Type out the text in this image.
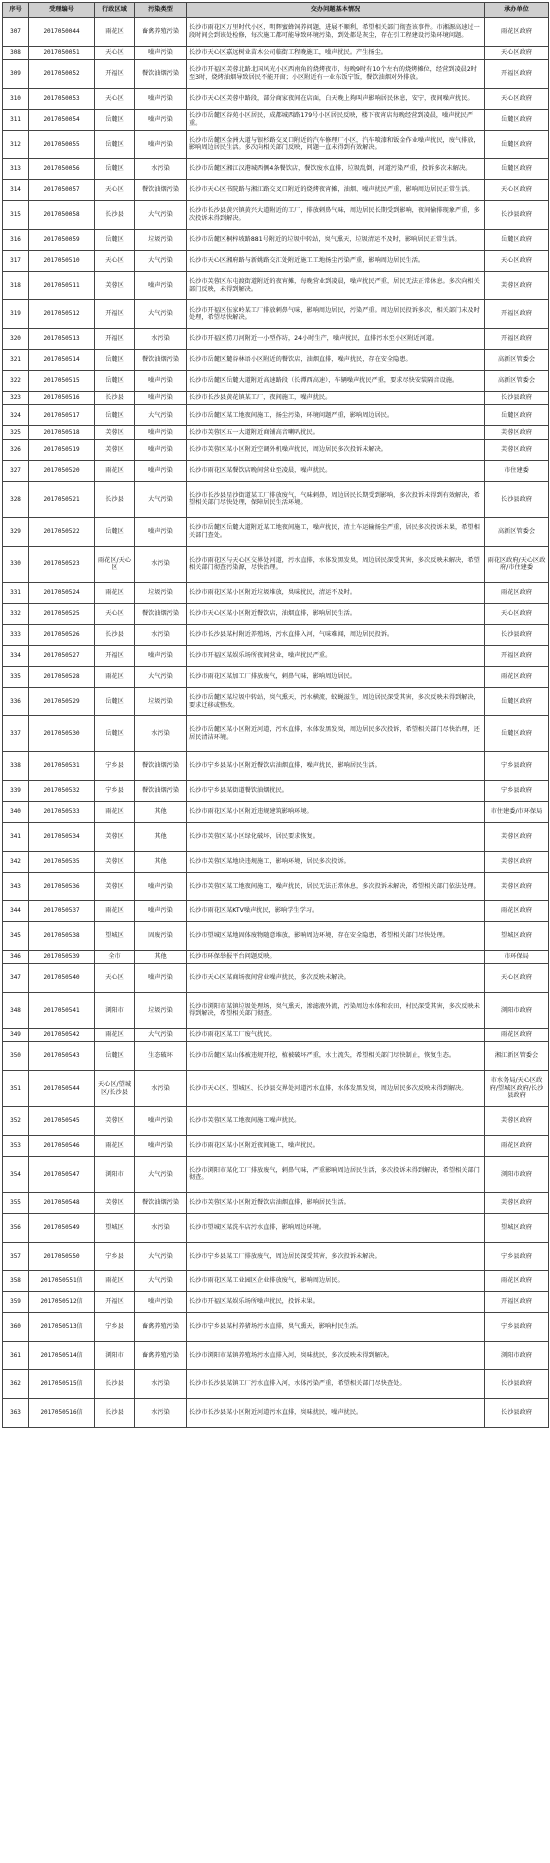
序号	受理编号	行政区域	污染类型	交办问题基本情况	承办单位
307	2017050044	雨花区	畜禽养殖污染	长沙市雨花区万里时代小区，明辉蜜蜂饲养问题，进展不顺利，希望相关部门彻查该事件。市湘源高速过一段时间会到该处检修，每次施工都可能导致环境污染，到处都是灰尘，存在引工程建设污染环境问题。	雨花区政府
308	2017050051	天心区	噪声污染	长沙市天心区嘉远树业苗木公司临街工程晚施工，噪声扰民。产生扬尘。	天心区政府
309	2017050052	开福区	餐饮油烟污染	长沙市开福区芙蓉北路北国风光小区西南角的烧烤夜市，每晚9时有10个左右的烧烤摊位，经营到凌晨2时至3时，烧烤油烟导致居民不能开窗；小区附近有一业东饭宁饭，餐饮油烟对外排放。	开福区政府
310	2017050053	天心区	噪声污染	长沙市天心区芙蓉中路段，部分商家夜间在店面，白天晚上夠叫声影响居民休息，安宁，夜间噪声扰民。	天心区政府
311	2017050054	岳麓区	噪声污染	长沙市岳麓区谷苑小区居民，成都城西路179号小区居民反映，楼下夜宵店每晚经营到凌晨，噪声扰民严重。	岳麓区政府
312	2017050055	岳麓区	噪声污染	长沙市岳麓区金洲大道与银杉路交叉口附近的汽车修理厂小区，汽车喷漆和钣金作业噪声扰民，废气排放，影响周边居民生活。多次向相关部门反映，问题一直未得到有效解决。	岳麓区政府
313	2017050056	岳麓区	水污染	长沙市岳麓区湘江汉港城西侧4条餐饮店，餐饮废水直排，垃圾乱倒，河道污染严重，投诉多次未解决。	岳麓区政府
314	2017050057	天心区	餐饮油烟污染	长沙市天心区书院路与湘江路交叉口附近的烧烤夜宵摊，油烟、噪声扰民严重，影响周边居民正常生活。	天心区政府
315	2017050058	长沙县	大气污染	长沙市长沙县黄兴镇黄兴大道附近的工厂，排放刺鼻气味，周边居民长期受到影响，夜间偷排现象严重，多次投诉未得到解决。	长沙县政府
316	2017050059	岳麓区	垃圾污染	长沙市岳麓区桐梓坡路881号附近的垃圾中转站，臭气熏天，垃圾清运不及时，影响居民正常生活。	岳麓区政府
317	2017050510	天心区	大气污染	长沙市天心区湘府路与新姚路交汇处附近施工工地扬尘污染严重，影响周边居民生活。	天心区政府
318	2017050511	芙蓉区	噪声污染	长沙市芙蓉区东屯渡街道附近的夜宵摊，每晚营业到凌晨，噪声扰民严重，居民无法正常休息。多次向相关部门反映，未得到解决。	芙蓉区政府
319	2017050512	开福区	大气污染	长沙市开福区伍家岭某工厂排放刺鼻气味，影响周边居民，污染严重。周边居民投诉多次，相关部门未及时处理，希望尽快解决。	开福区政府
320	2017050513	开福区	水污染	长沙市开福区捞刀河附近一小型作坊，24小时生产，噪声扰民，直排污水至小区附近河道。	开福区政府
321	2017050514	岳麓区	餐饮油烟污染	长沙市岳麓区麓谷林语小区附近的餐饮店，油烟直排，噪声扰民，存在安全隐患。	高新区管委会
322	2017050515	岳麓区	噪声污染	长沙市岳麓区岳麓大道附近高速路段（长潭西高速），车辆噪声扰民严重，要求尽快安装隔音设施。	高新区管委会
323	2017050516	长沙县	噪声污染	长沙市长沙县黄花镇某工厂，夜间施工，噪声扰民。	长沙县政府
324	2017050517	岳麓区	大气污染	长沙市岳麓区某工地夜间施工，扬尘污染，环境问题严重，影响周边居民。	岳麓区政府
325	2017050518	芙蓉区	噪声污染	长沙市芙蓉区五一大道附近商铺高音喇叭扰民。	芙蓉区政府
326	2017050519	芙蓉区	噪声污染	长沙市芙蓉区某小区附近空调外机噪声扰民，周边居民多次投诉未解决。	芙蓉区政府
327	2017050520	雨花区	噪声污染	长沙市雨花区某餐饮店晚间营业至凌晨，噪声扰民。	市住建委
328	2017050521	长沙县	大气污染	长沙市长沙县星沙街道某工厂排放废气，气味刺鼻，周边居民长期受到影响，多次投诉未得到有效解决，希望相关部门尽快处理，保障居民生活环境。	长沙县政府
329	2017050522	岳麓区	噪声污染	长沙市岳麓区岳麓大道附近某工地夜间施工，噪声扰民，渣土车运输扬尘严重，居民多次投诉未果，希望相关部门查处。	高新区管委会
330	2017050523	雨花区/天心区	水污染	长沙市雨花区与天心区交界处河道，污水直排，水体发黑发臭，周边居民深受其害，多次反映未解决，希望相关部门彻查污染源，尽快治理。	雨花区政府/天心区政府/市住建委
331	2017050524	雨花区	垃圾污染	长沙市雨花区某小区附近垃圾堆放，臭味扰民，清运不及时。	雨花区政府
332	2017050525	天心区	餐饮油烟污染	长沙市天心区某小区附近餐饮店，油烟直排，影响居民生活。	天心区政府
333	2017050526	长沙县	水污染	长沙市长沙县某村附近养殖场，污水直排入河，气味难闻，周边居民投诉。	长沙县政府
334	2017050527	开福区	噪声污染	长沙市开福区某娱乐场所夜间营业，噪声扰民严重。	开福区政府
335	2017050528	雨花区	大气污染	长沙市雨花区某加工厂排放废气，刺鼻气味，影响周边居民。	雨花区政府
336	2017050529	岳麓区	垃圾污染	长沙市岳麓区某垃圾中转站，臭气熏天，污水横流，蚊蝇滋生，周边居民深受其害，多次反映未得到解决，要求迁移或整改。	岳麓区政府
337	2017050530	岳麓区	水污染	长沙市岳麓区某小区附近河道，污水直排，水体发黑发臭，周边居民多次投诉，希望相关部门尽快治理，还居民清洁环境。	岳麓区政府
338	2017050531	宁乡县	餐饮油烟污染	长沙市宁乡县某小区附近餐饮店油烟直排，噪声扰民，影响居民生活。	宁乡县政府
339	2017050532	宁乡县	餐饮油烟污染	长沙市宁乡县某街道餐饮油烟扰民。	宁乡县政府
340	2017050533	雨花区	其他	长沙市雨花区某小区附近违规建筑影响环境。	市住建委/市环保局
341	2017050534	芙蓉区	其他	长沙市芙蓉区某小区绿化破坏，居民要求恢复。	芙蓉区政府
342	2017050535	芙蓉区	其他	长沙市芙蓉区某地块违规施工，影响环境，居民多次投诉。	芙蓉区政府
343	2017050536	芙蓉区	噪声污染	长沙市芙蓉区某工地夜间施工，噪声扰民，居民无法正常休息，多次投诉未解决，希望相关部门依法处理。	芙蓉区政府
344	2017050537	雨花区	噪声污染	长沙市雨花区某KTV噪声扰民，影响学生学习。	雨花区政府
345	2017050538	望城区	固废污染	长沙市望城区某地固体废物随意堆放，影响周边环境，存在安全隐患，希望相关部门尽快处理。	望城区政府
346	2017050539	全市	其他	长沙市环保举报平台问题反映。	市环保局
347	2017050540	天心区	噪声污染	长沙市天心区某商场夜间营业噪声扰民，多次反映未解决。	天心区政府
348	2017050541	浏阳市	垃圾污染	长沙市浏阳市某镇垃圾处理场，臭气熏天，渗滤液外流，污染周边水体和农田，村民深受其害，多次反映未得到解决，希望相关部门彻查。	浏阳市政府
349	2017050542	雨花区	大气污染	长沙市雨花区某工厂废气扰民。	雨花区政府
350	2017050543	岳麓区	生态破坏	长沙市岳麓区某山体被违规开挖，植被破坏严重，水土流失，希望相关部门尽快制止，恢复生态。	湘江新区管委会
351	2017050544	天心区/望城区/长沙县	水污染	长沙市天心区、望城区、长沙县交界处河道污水直排，水体发黑发臭，周边居民多次反映未得到解决。	市水务局/天心区政府/望城区政府/长沙县政府
352	2017050545	芙蓉区	噪声污染	长沙市芙蓉区某工地夜间施工噪声扰民。	芙蓉区政府
353	2017050546	雨花区	噪声污染	长沙市雨花区某小区附近夜间施工，噪声扰民。	雨花区政府
354	2017050547	浏阳市	大气污染	长沙市浏阳市某化工厂排放废气，刺鼻气味，严重影响周边居民生活，多次投诉未得到解决，希望相关部门彻查。	浏阳市政府
355	2017050548	芙蓉区	餐饮油烟污染	长沙市芙蓉区某小区附近餐饮店油烟直排，影响居民生活。	芙蓉区政府
356	2017050549	望城区	水污染	长沙市望城区某洗车店污水直排，影响周边环境。	望城区政府
357	2017050550	宁乡县	大气污染	长沙市宁乡县某工厂排放废气，周边居民深受其害，多次投诉未解决。	宁乡县政府
358	2017050551信	雨花区	大气污染	长沙市雨花区某工业园区企业排放废气，影响周边居民。	雨花区政府
359	2017050512信	开福区	噪声污染	长沙市开福区某娱乐场所噪声扰民，投诉未果。	开福区政府
360	2017050513信	宁乡县	畜禽养殖污染	长沙市宁乡县某村养猪场污水直排，臭气熏天，影响村民生活。	宁乡县政府
361	2017050514信	浏阳市	畜禽养殖污染	长沙市浏阳市某镇养殖场污水直排入河，臭味扰民，多次反映未得到解决。	浏阳市政府
362	2017050515信	长沙县	水污染	长沙市长沙县某镇工厂污水直排入河，水体污染严重，希望相关部门尽快查处。	长沙县政府
363	2017050516信	长沙县	水污染	长沙市长沙县某小区附近河道污水直排，臭味扰民，噪声扰民。	长沙县政府
